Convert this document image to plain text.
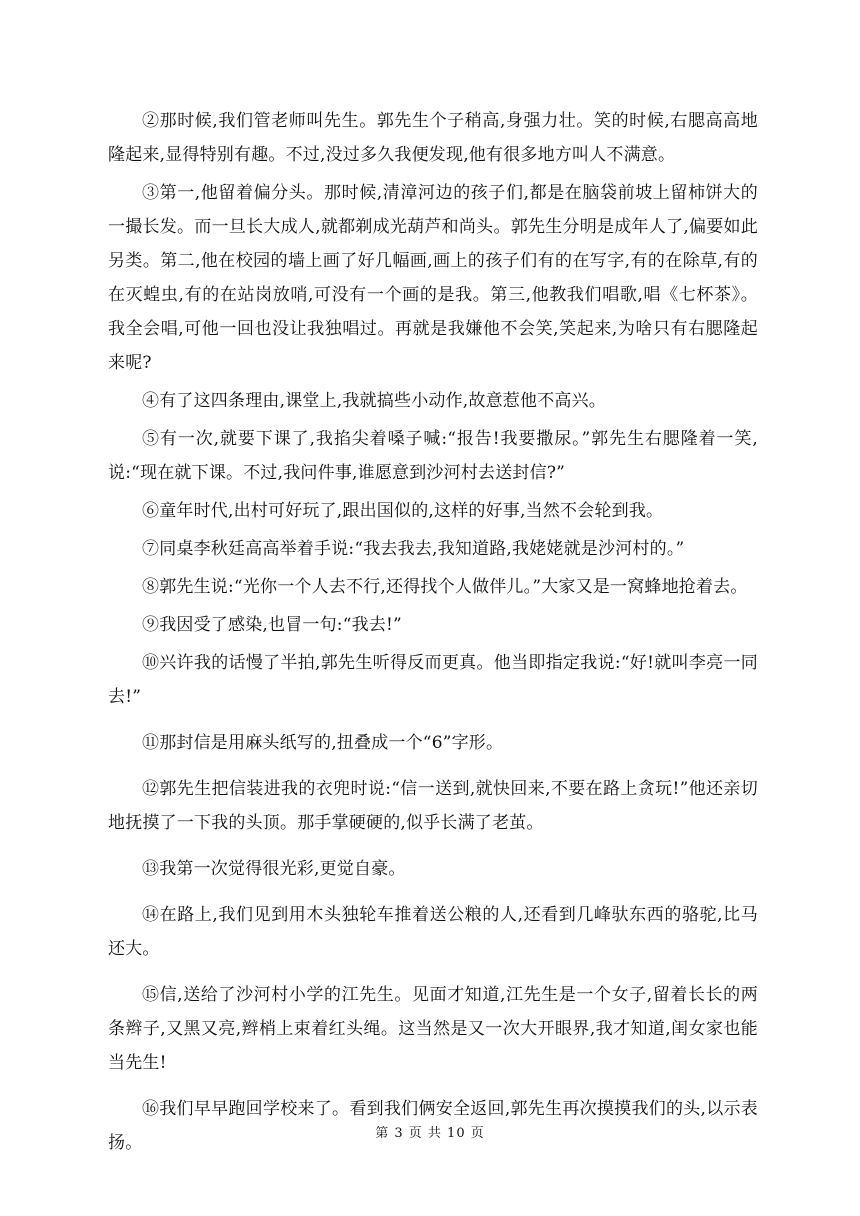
②那时候,我们管老师叫先生。郭先生个子稍高,身强力壮。笑的时候,右腮高高地隆起来,显得特别有趣。不过,没过多久我便发现,他有很多地方叫人不满意。

③第一,他留着偏分头。那时候,清漳河边的孩子们,都是在脑袋前坡上留柿饼大的一撮长发。而一旦长大成人,就都剃成光葫芦和尚头。郭先生分明是成年人了,偏要如此另类。第二,他在校园的墙上画了好几幅画,画上的孩子们有的在写字,有的在除草,有的在灭蝗虫,有的在站岗放哨,可没有一个画的是我。第三,他教我们唱歌,唱《七杯茶》。我全会唱,可他一回也没让我独唱过。再就是我嫌他不会笑,笑起来,为啥只有右腮隆起来呢?

④有了这四条理由,课堂上,我就搞些小动作,故意惹他不高兴。

⑤有一次,就要下课了,我掐尖着嗓子喊:“报告!我要撒尿。”郭先生右腮隆着一笑,说:“现在就下课。不过,我问件事,谁愿意到沙河村去送封信?”

⑥童年时代,出村可好玩了,跟出国似的,这样的好事,当然不会轮到我。

⑦同桌李秋廷高高举着手说:“我去我去,我知道路,我姥姥就是沙河村的。”

⑧郭先生说:“光你一个人去不行,还得找个人做伴儿。”大家又是一窝蜂地抢着去。

⑨我因受了感染,也冒一句:“我去!”

⑩兴许我的话慢了半拍,郭先生听得反而更真。他当即指定我说:“好!就叫李亮一同去!”

⑪那封信是用麻头纸写的,扭叠成一个“6”字形。

⑫郭先生把信装进我的衣兜时说:“信一送到,就快回来,不要在路上贪玩!”他还亲切地抚摸了一下我的头顶。那手掌硬硬的,似乎长满了老茧。

⑬我第一次觉得很光彩,更觉自豪。

⑭在路上,我们见到用木头独轮车推着送公粮的人,还看到几峰驮东西的骆驼,比马还大。

⑮信,送给了沙河村小学的江先生。见面才知道,江先生是一个女子,留着长长的两条辫子,又黑又亮,辫梢上束着红头绳。这当然是又一次大开眼界,我才知道,闺女家也能当先生!

⑯我们早早跑回学校来了。看到我们俩安全返回,郭先生再次摸摸我们的头,以示表扬。	第 3 页 共 10 页
